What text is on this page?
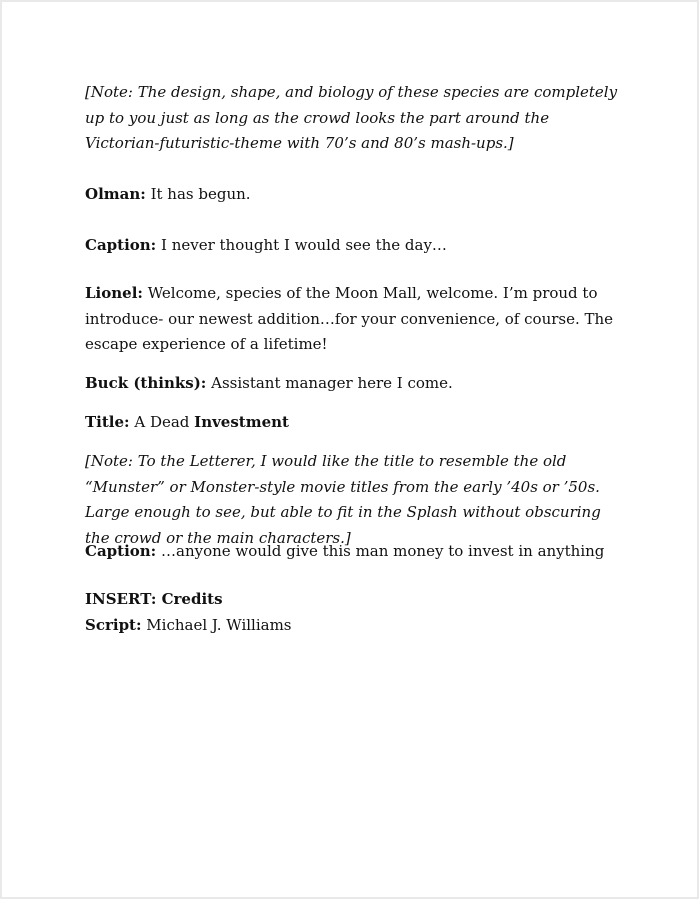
[Note: The design, shape, and biology of these species are completely up to you just as long as the crowd looks the part around the Victorian-futuristic-theme with 70’s and 80’s mash-ups.]

Olman: It has begun.

Caption: I never thought I would see the day…

Lionel: Welcome, species of the Moon Mall, welcome. I’m proud to introduce- our newest addition…for your convenience, of course. The escape experience of a lifetime!

Buck (thinks): Assistant manager here I come.

Title: A Dead Investment

[Note: To the Letterer, I would like the title to resemble the old “Munster” or Monster-style movie titles from the early ’40s or ’50s. Large enough to see, but able to fit in the Splash without obscuring the crowd or the main characters.]

Caption: …anyone would give this man money to invest in anything

INSERT: Credits

Script: Michael J. Williams
